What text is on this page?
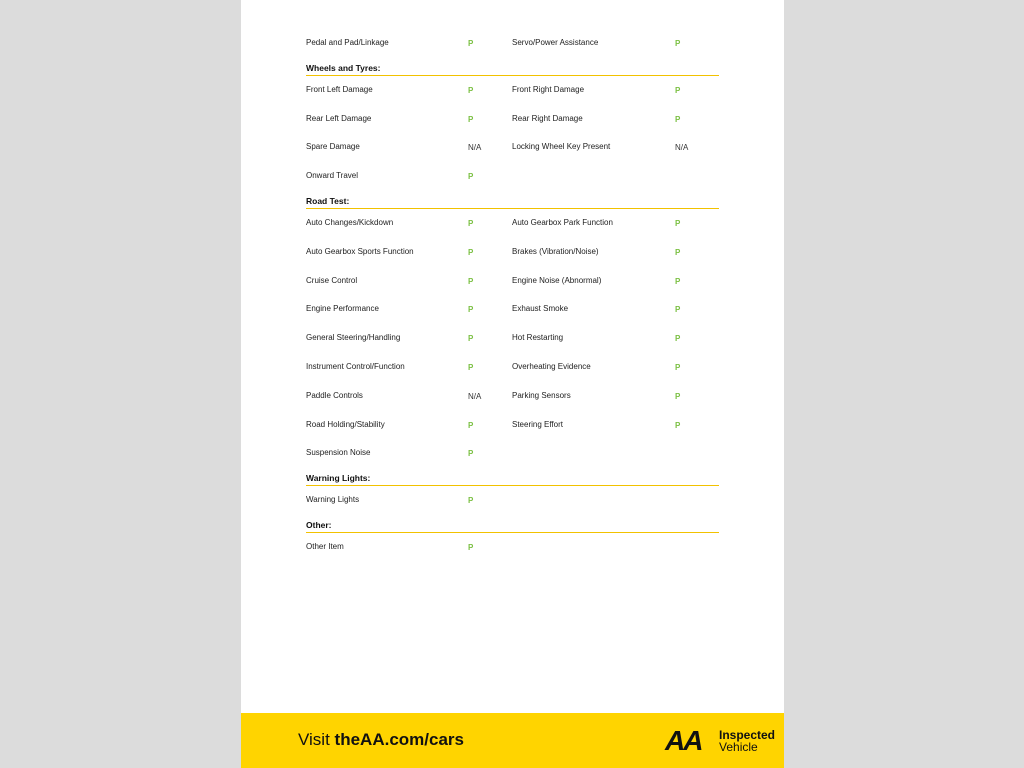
Pedal and Pad/Linkage	P	Servo/Power Assistance	P
Wheels and Tyres:
Front Left Damage	P	Front Right Damage	P
Rear Left Damage	P	Rear Right Damage	P
Spare Damage	N/A	Locking Wheel Key Present	N/A
Onward Travel	P
Road Test:
Auto Changes/Kickdown	P	Auto Gearbox Park Function	P
Auto Gearbox Sports Function	P	Brakes (Vibration/Noise)	P
Cruise Control	P	Engine Noise (Abnormal)	P
Engine Performance	P	Exhaust Smoke	P
General Steering/Handling	P	Hot Restarting	P
Instrument Control/Function	P	Overheating Evidence	P
Paddle Controls	N/A	Parking Sensors	P
Road Holding/Stability	P	Steering Effort	P
Suspension Noise	P
Warning Lights:
Warning Lights	P
Other:
Other Item	P
Visit theAA.com/cars	AA Inspected
Vehicle
